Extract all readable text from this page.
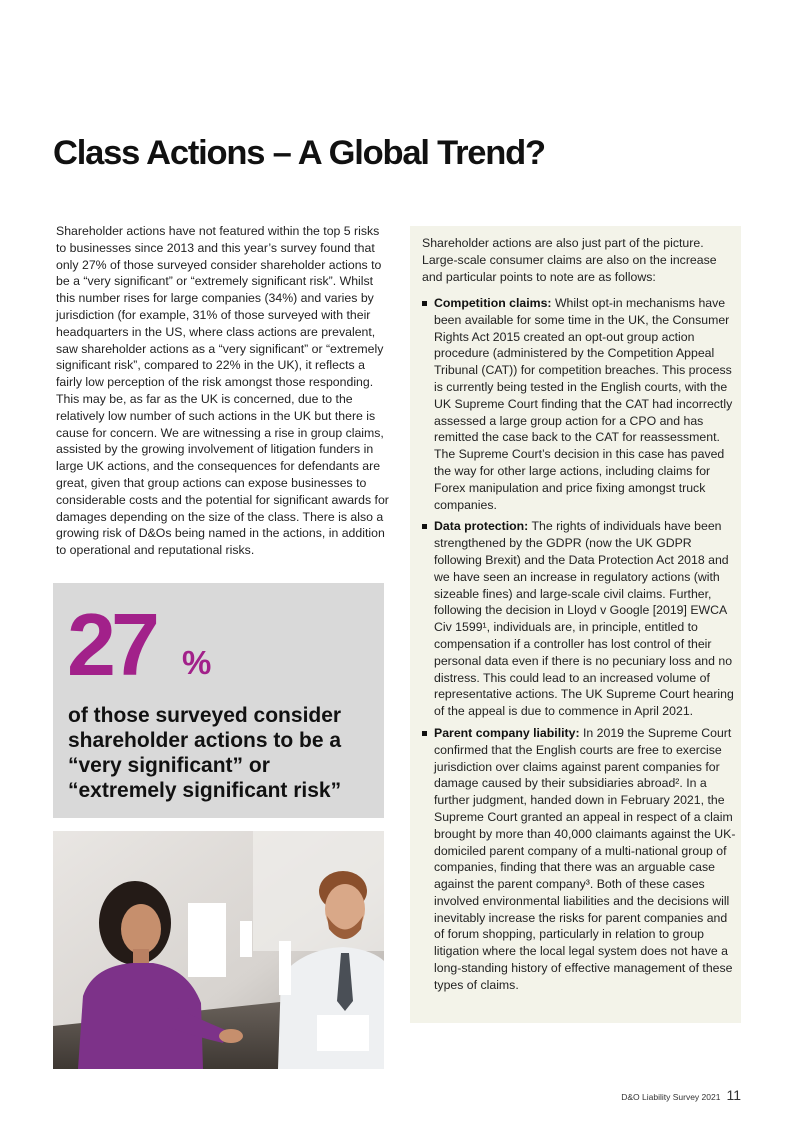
Class Actions – A Global Trend?

Shareholder actions have not featured within the top 5 risks to businesses since 2013 and this year’s survey found that only 27% of those surveyed consider shareholder actions to be a “very significant” or “extremely significant risk”. Whilst this number rises for large companies (34%) and varies by jurisdiction (for example, 31% of those surveyed with their headquarters in the US, where class actions are prevalent, saw shareholder actions as a “very significant” or “extremely significant risk”, compared to 22% in the UK), it reflects a fairly low perception of the risk amongst those responding. This may be, as far as the UK is concerned, due to the relatively low number of such actions in the UK but there is cause for concern. We are witnessing a rise in group claims, assisted by the growing involvement of litigation funders in large UK actions, and the consequences for defendants are great, given that group actions can expose businesses to considerable costs and the potential for significant awards for damages depending on the size of the class. There is also a growing risk of D&Os being named in the actions, in addition to operational and reputational risks.

27 %

of those surveyed consider shareholder actions to be a “very significant” or “extremely significant risk”

Shareholder actions are also just part of the picture. Large-scale consumer claims are also on the increase and particular points to note are as follows:

Competition claims: Whilst opt-in mechanisms have been available for some time in the UK, the Consumer Rights Act 2015 created an opt-out group action procedure (administered by the Competition Appeal Tribunal (CAT)) for competition breaches. This process is currently being tested in the English courts, with the UK Supreme Court finding that the CAT had incorrectly assessed a large group action for a CPO and has remitted the case back to the CAT for reassessment. The Supreme Court’s decision in this case has paved the way for other large actions, including claims for Forex manipulation and price fixing amongst truck companies.
Data protection: The rights of individuals have been strengthened by the GDPR (now the UK GDPR following Brexit) and the Data Protection Act 2018 and we have seen an increase in regulatory actions (with sizeable fines) and large-scale civil claims. Further, following the decision in Lloyd v Google [2019] EWCA Civ 1599¹, individuals are, in principle, entitled to compensation if a controller has lost control of their personal data even if there is no pecuniary loss and no distress. This could lead to an increased volume of representative actions. The UK Supreme Court hearing of the appeal is due to commence in April 2021.
Parent company liability: In 2019 the Supreme Court confirmed that the English courts are free to exercise jurisdiction over claims against parent companies for damage caused by their subsidiaries abroad². In a further judgment, handed down in February 2021, the Supreme Court granted an appeal in respect of a claim brought by more than 40,000 claimants against the UK-domiciled parent company of a multi-national group of companies, finding that there was an arguable case against the parent company³. Both of these cases involved environmental liabilities and the decisions will inevitably increase the risks for parent companies and of forum shopping, particularly in relation to group litigation where the local legal system does not have a long-standing history of effective management of these types of claims.
D&O Liability Survey 2021 11
